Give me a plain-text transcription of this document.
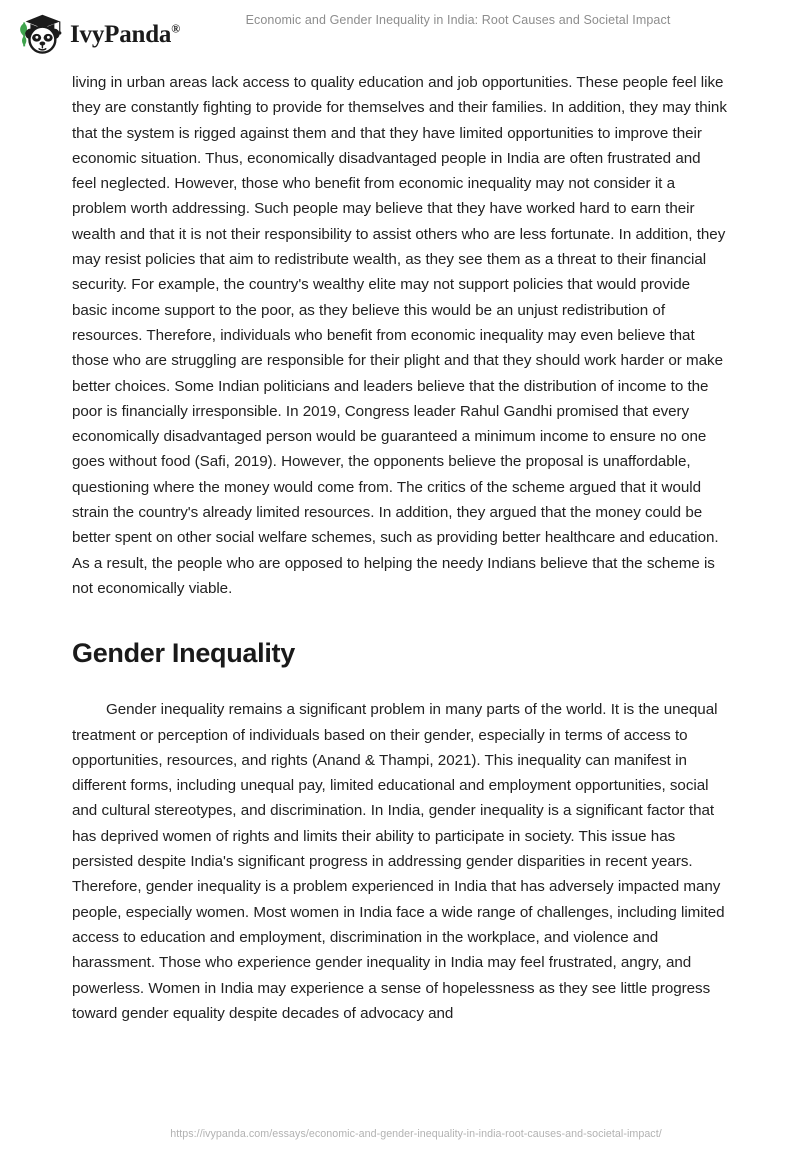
IvyPanda®
Economic and Gender Inequality in India: Root Causes and Societal Impact

living in urban areas lack access to quality education and job opportunities. These people feel like they are constantly fighting to provide for themselves and their families. In addition, they may think that the system is rigged against them and that they have limited opportunities to improve their economic situation. Thus, economically disadvantaged people in India are often frustrated and feel neglected. However, those who benefit from economic inequality may not consider it a problem worth addressing. Such people may believe that they have worked hard to earn their wealth and that it is not their responsibility to assist others who are less fortunate. In addition, they may resist policies that aim to redistribute wealth, as they see them as a threat to their financial security. For example, the country's wealthy elite may not support policies that would provide basic income support to the poor, as they believe this would be an unjust redistribution of resources. Therefore, individuals who benefit from economic inequality may even believe that those who are struggling are responsible for their plight and that they should work harder or make better choices. Some Indian politicians and leaders believe that the distribution of income to the poor is financially irresponsible. In 2019, Congress leader Rahul Gandhi promised that every economically disadvantaged person would be guaranteed a minimum income to ensure no one goes without food (Safi, 2019). However, the opponents believe the proposal is unaffordable, questioning where the money would come from. The critics of the scheme argued that it would strain the country's already limited resources. In addition, they argued that the money could be better spent on other social welfare schemes, such as providing better healthcare and education. As a result, the people who are opposed to helping the needy Indians believe that the scheme is not economically viable.

Gender Inequality

Gender inequality remains a significant problem in many parts of the world. It is the unequal treatment or perception of individuals based on their gender, especially in terms of access to opportunities, resources, and rights (Anand & Thampi, 2021). This inequality can manifest in different forms, including unequal pay, limited educational and employment opportunities, social and cultural stereotypes, and discrimination. In India, gender inequality is a significant factor that has deprived women of rights and limits their ability to participate in society. This issue has persisted despite India's significant progress in addressing gender disparities in recent years. Therefore, gender inequality is a problem experienced in India that has adversely impacted many people, especially women. Most women in India face a wide range of challenges, including limited access to education and employment, discrimination in the workplace, and violence and harassment. Those who experience gender inequality in India may feel frustrated, angry, and powerless. Women in India may experience a sense of hopelessness as they see little progress toward gender equality despite decades of advocacy and

https://ivypanda.com/essays/economic-and-gender-inequality-in-india-root-causes-and-societal-impact/
